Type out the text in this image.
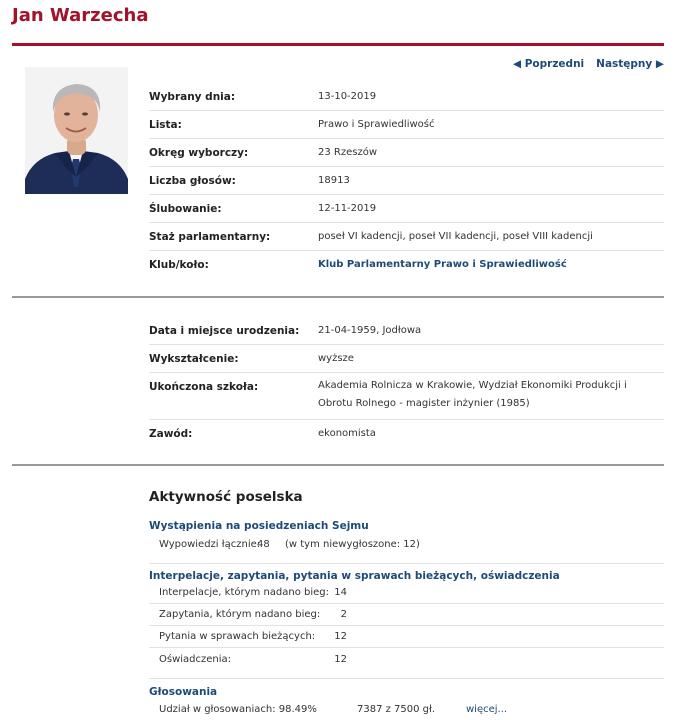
Jan Warzecha
◀ Poprzedni Następny ▶
Wybrany dnia:	13-10-2019
Lista:	Prawo i Sprawiedliwość
Okręg wyborczy:	23 Rzeszów
Liczba głosów:	18913
Ślubowanie:	12-11-2019
Staż parlamentarny:	poseł VI kadencji, poseł VII kadencji, poseł VIII kadencji
Klub/koło:	Klub Parlamentarny Prawo i Sprawiedliwość
Data i miejsce urodzenia: 21-04-1959, Jodłowa
Wykształcenie:	wyższe
Ukończona szkoła:	Akademia Rolnicza w Krakowie, Wydział Ekonomiki Produkcji i Obrotu Rolnego - magister inżynier (1985)
Zawód:	ekonomista
Aktywność poselska
Wystąpienia na posiedzeniach Sejmu
Wypowiedzi łącznie:
48 (w tym niewygłoszone: 12)
Interpelacje, zapytania, pytania w sprawach bieżących, oświadczenia
Interpelacje, którym nadano bieg: 14
Zapytania, którym nadano bieg:	2
Pytania w sprawach bieżących:	12
Oświadczenia:	12
Głosowania
Udział w głosowaniach: 98.49%	7387 z 7500 gł.	więcej...
